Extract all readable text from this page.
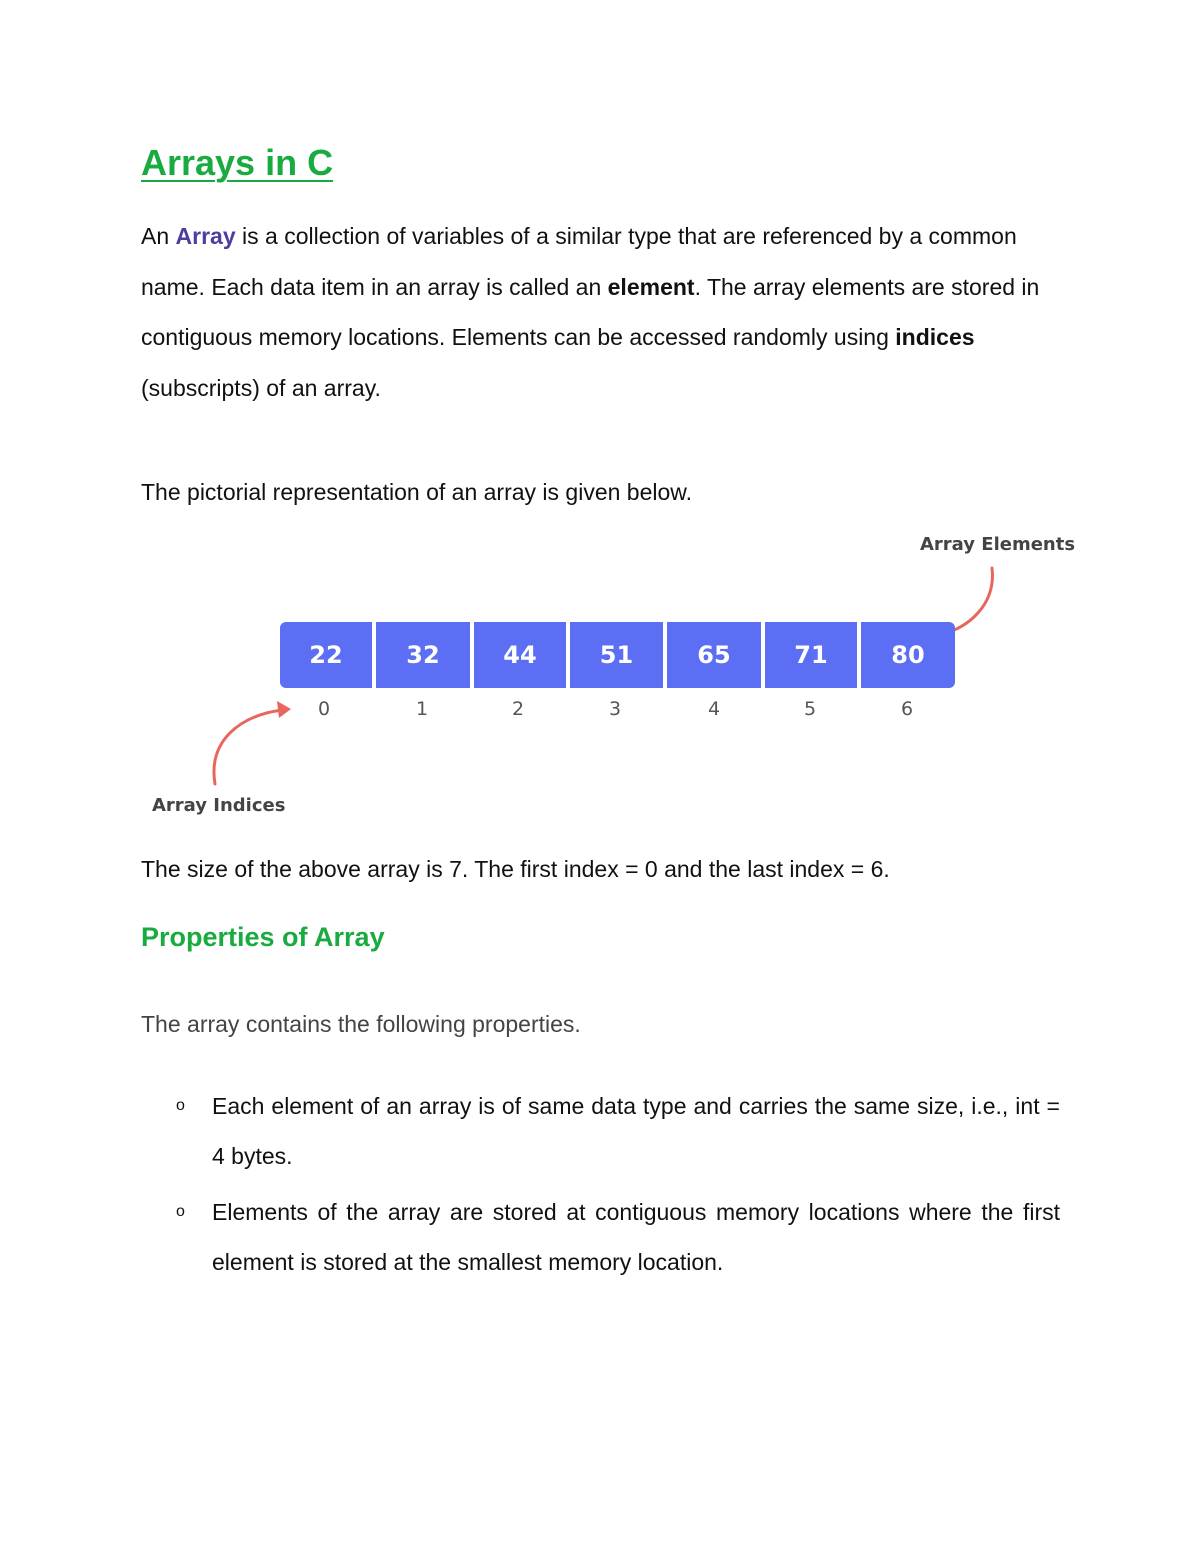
Arrays in C

An Array is a collection of variables of a similar type that are referenced by a common name. Each data item in an array is called an element. The array elements are stored in contiguous memory locations. Elements can be accessed randomly using indices (subscripts) of an array.

The pictorial representation of an array is given below.

Array Elements
22	32	44	51	65	71	80
0	1	2	3	4	5	6
Array Indices

The size of the above array is 7. The first index = 0 and the last index = 6.

Properties of Array

The array contains the following properties.

o Each element of an array is of same data type and carries the same size, i.e., int = 4 bytes.
o Elements of the array are stored at contiguous memory locations where the first element is stored at the smallest memory location.
